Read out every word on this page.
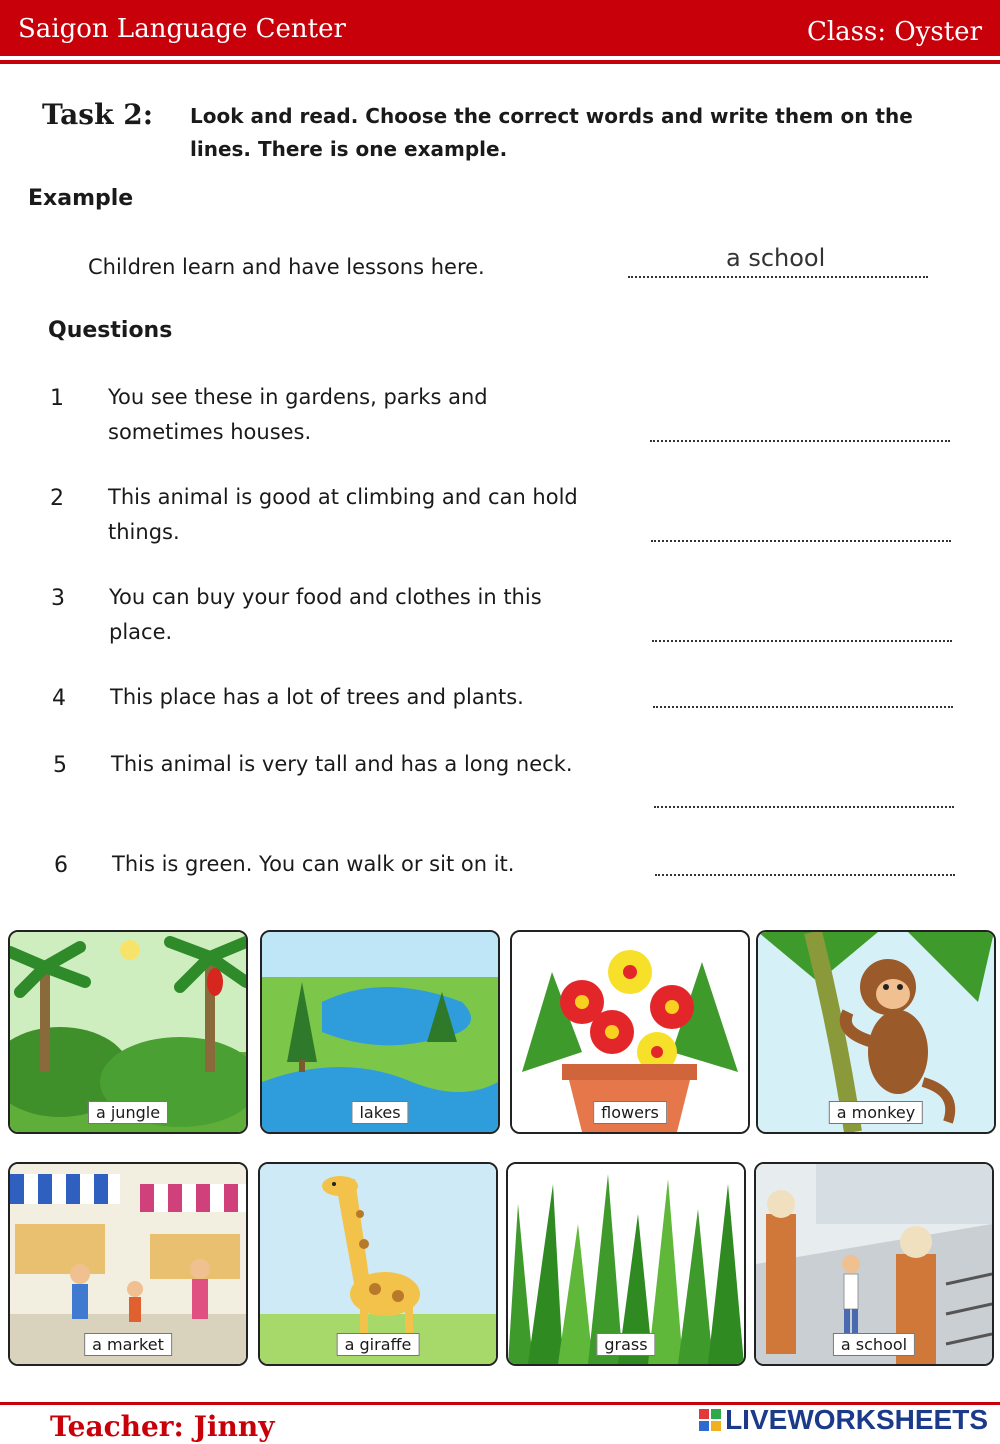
Saigon Language Center	Class: Oyster
Task 2: Look and read. Choose the correct words and write them on the lines. There is one example.
Example
Children learn and have lessons here.	a school
Questions
1 You see these in gardens, parks and sometimes houses.
2 This animal is good at climbing and can hold things.
3 You can buy your food and clothes in this place.
4 This place has a lot of trees and plants.
5 This animal is very tall and has a long neck.
6 This is green. You can walk or sit on it.
a jungle	lakes	flowers	a monkey
a market	a giraffe	grass	a school
Teacher: Jinny	LIVEWORKSHEETS
